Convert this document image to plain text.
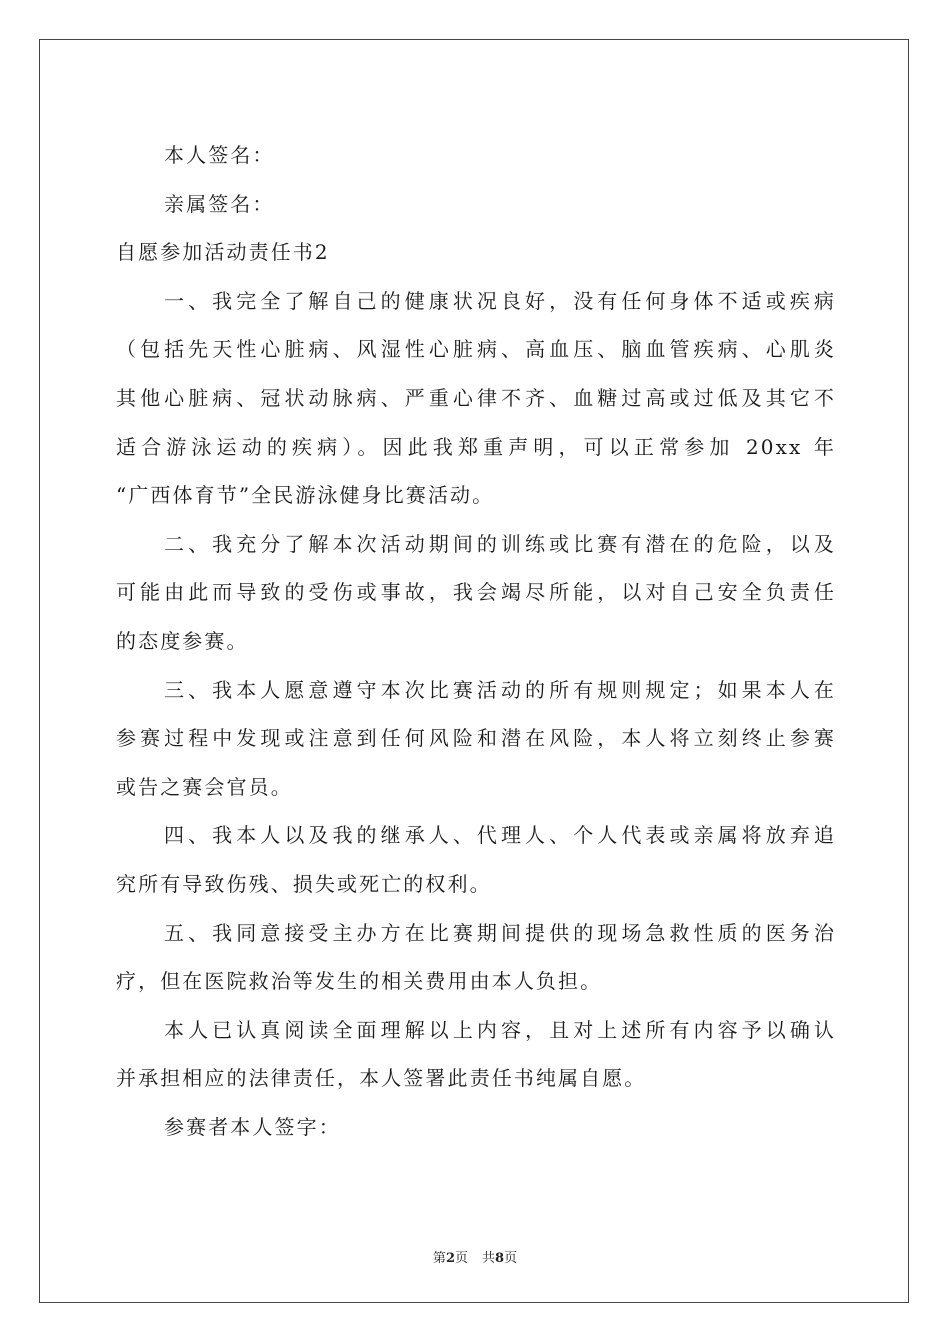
本人签名：
亲属签名：
自愿参加活动责任书2
一、我完全了解自己的健康状况良好，没有任何身体不适或疾病
（包括先天性心脏病、风湿性心脏病、高血压、脑血管疾病、心肌炎
其他心脏病、冠状动脉病、严重心律不齐、血糖过高或过低及其它不
适合游泳运动的疾病）。因此我郑重声明，可以正常参加 20xx 年
“广西体育节”全民游泳健身比赛活动。
二、我充分了解本次活动期间的训练或比赛有潜在的危险，以及
可能由此而导致的受伤或事故，我会竭尽所能，以对自己安全负责任
的态度参赛。
三、我本人愿意遵守本次比赛活动的所有规则规定；如果本人在
参赛过程中发现或注意到任何风险和潜在风险，本人将立刻终止参赛
或告之赛会官员。
四、我本人以及我的继承人、代理人、个人代表或亲属将放弃追
究所有导致伤残、损失或死亡的权利。
五、我同意接受主办方在比赛期间提供的现场急救性质的医务治
疗，但在医院救治等发生的相关费用由本人负担。
本人已认真阅读全面理解以上内容，且对上述所有内容予以确认
并承担相应的法律责任，本人签署此责任书纯属自愿。
参赛者本人签字：
第2页 共8页
